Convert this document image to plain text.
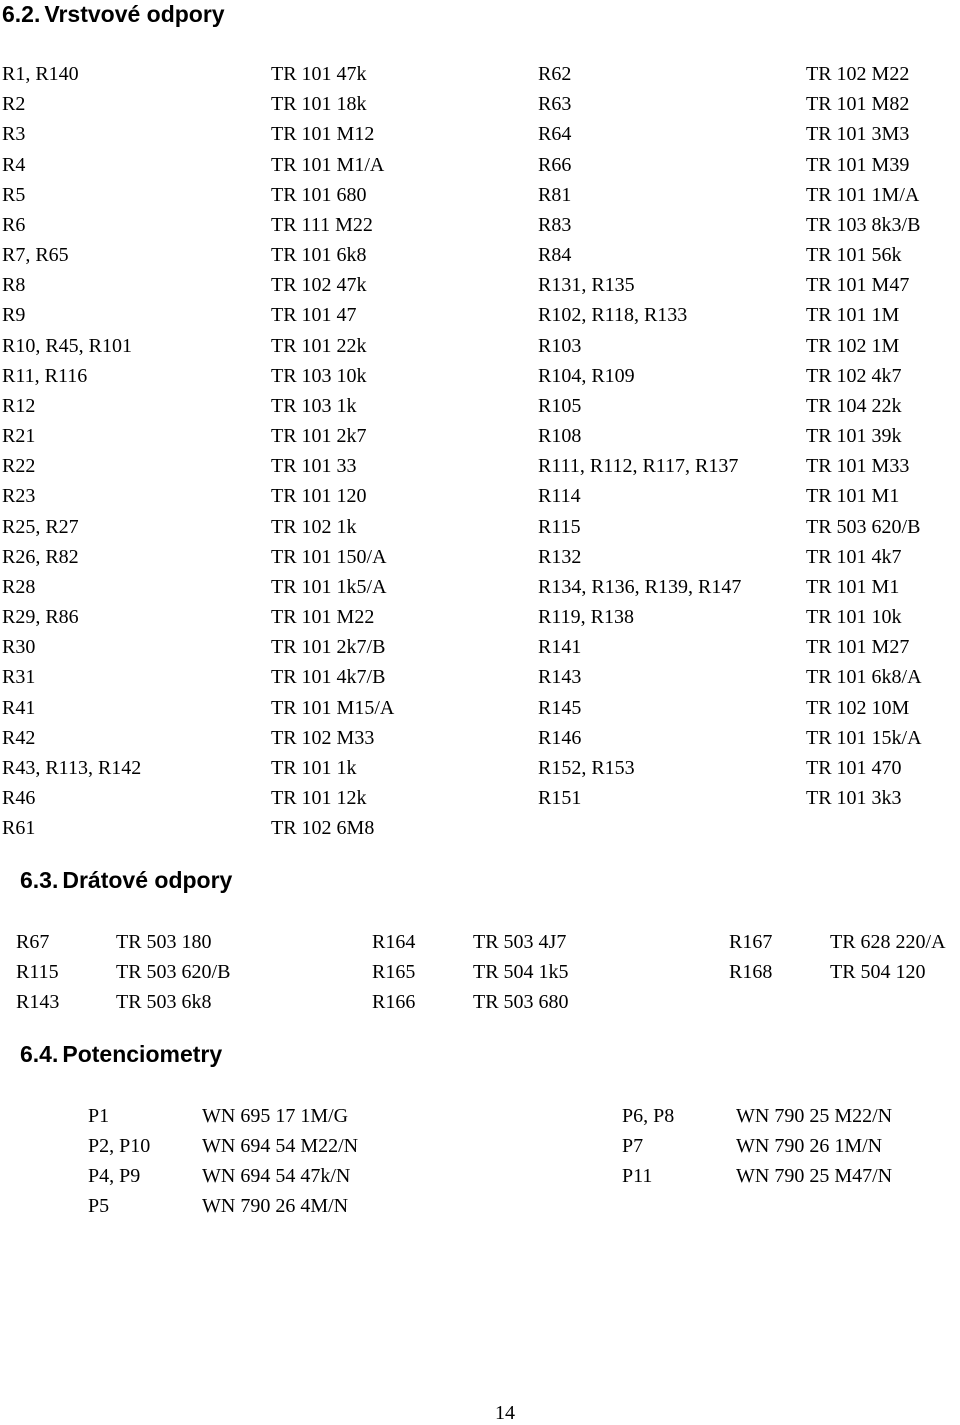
6.2. Vrstvové odpory
6.3. Drátové odpory
6.4. Potenciometry
R1, R140	TR 101 47k
R2	TR 101 18k
R3	TR 101 M12
R4	TR 101 M1/A
R5	TR 101 680
R6	TR 111 M22
R7, R65	TR 101 6k8
R8	TR 102 47k
R9	TR 101 47
R10, R45, R101	TR 101 22k
R11, R116	TR 103 10k
R12	TR 103 1k
R21	TR 101 2k7
R22	TR 101 33
R23	TR 101 120
R25, R27	TR 102 1k
R26, R82	TR 101 150/A
R28	TR 101 1k5/A
R29, R86	TR 101 M22
R30	TR 101 2k7/B
R31	TR 101 4k7/B
R41	TR 101 M15/A
R42	TR 102 M33
R43, R113, R142	TR 101 1k
R46	TR 101 12k
R61	TR 102 6M8
R62	TR 102 M22
R63	TR 101 M82
R64	TR 101 3M3
R66	TR 101 M39
R81	TR 101 1M/A
R83	TR 103 8k3/B
R84	TR 101 56k
R131, R135	TR 101 M47
R102, R118, R133	TR 101 1M
R103	TR 102 1M
R104, R109	TR 102 4k7
R105	TR 104 22k
R108	TR 101 39k
R111, R112, R117, R137	TR 101 M33
R114	TR 101 M1
R115	TR 503 620/B
R132	TR 101 4k7
R134, R136, R139, R147	TR 101 M1
R119, R138	TR 101 10k
R141	TR 101 M27
R143	TR 101 6k8/A
R145	TR 102 10M
R146	TR 101 15k/A
R152, R153	TR 101 470
R151	TR 101 3k3
R67	TR 503 180	R164	TR 503 4J7	R167	TR 628 220/A
R115	TR 503 620/B	R165	TR 504 1k5	R168	TR 504 120
R143	TR 503 6k8	R166	TR 503 680
P1	WN 695 17 1M/G
P2, P10	WN 694 54 M22/N
P4, P9	WN 694 54 47k/N
P5	WN 790 26 4M/N
P6, P8	WN 790 25 M22/N
P7	WN 790 26 1M/N
P11	WN 790 25 M47/N
14
